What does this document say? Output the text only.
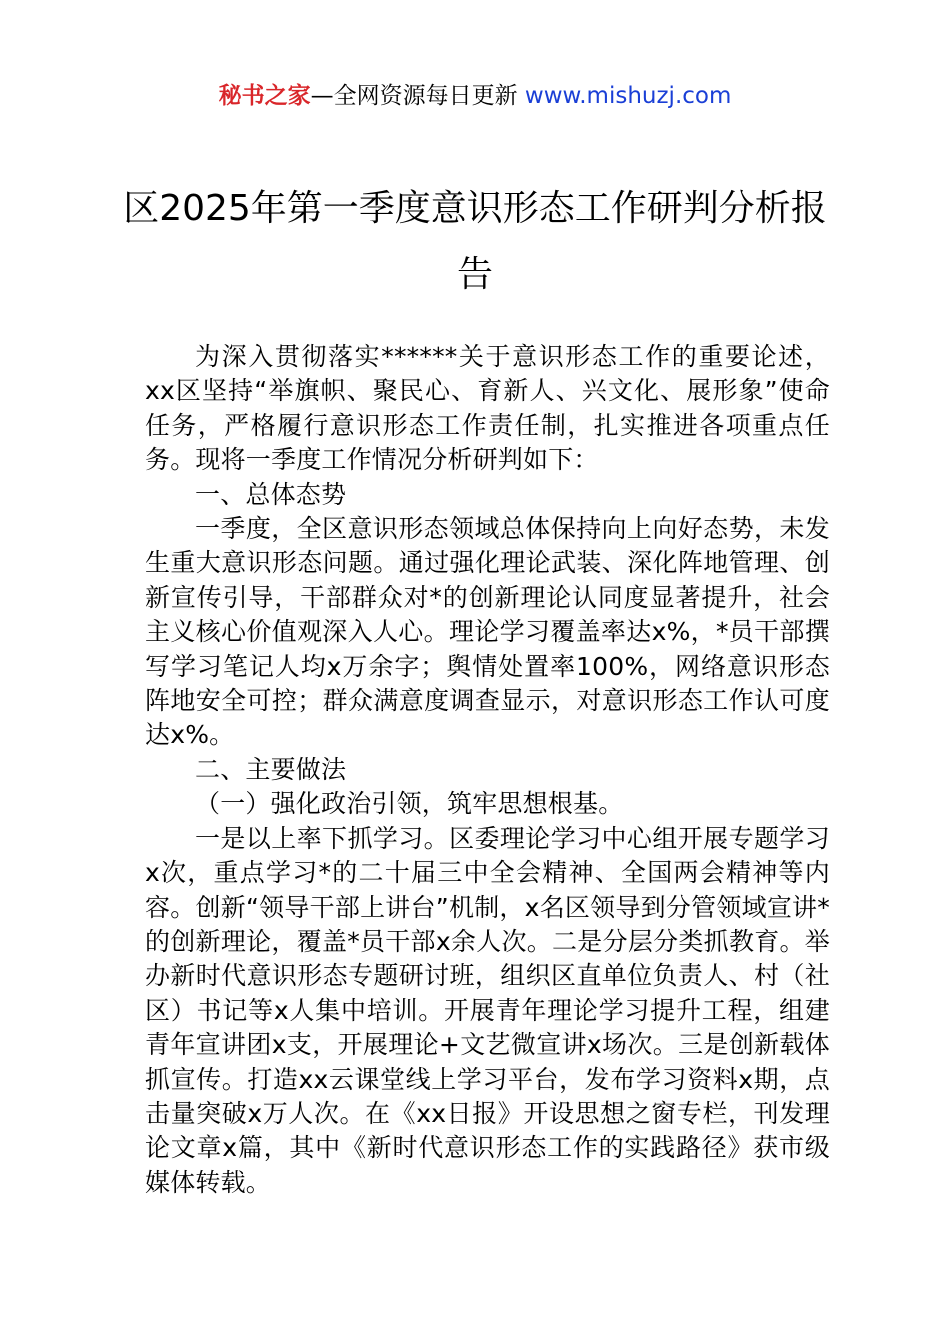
秘书之家—全网资源每日更新 www.mishuzj.com
区2025年第一季度意识形态工作研判分析报告

为深入贯彻落实******关于意识形态工作的重要论述，xx区坚持“举旗帜、聚民心、育新人、兴文化、展形象”使命任务，严格履行意识形态工作责任制，扎实推进各项重点任务。现将一季度工作情况分析研判如下：

一、总体态势

一季度，全区意识形态领域总体保持向上向好态势，未发生重大意识形态问题。通过强化理论武装、深化阵地管理、创新宣传引导，干部群众对*的创新理论认同度显著提升，社会主义核心价值观深入人心。理论学习覆盖率达x%，*员干部撰写学习笔记人均x万余字；舆情处置率100%，网络意识形态阵地安全可控；群众满意度调查显示，对意识形态工作认可度达x%。

二、主要做法

（一）强化政治引领，筑牢思想根基。

一是以上率下抓学习。区委理论学习中心组开展专题学习x次，重点学习*的二十届三中全会精神、全国两会精神等内容。创新“领导干部上讲台”机制，x名区领导到分管领域宣讲*的创新理论，覆盖*员干部x余人次。二是分层分类抓教育。举办新时代意识形态专题研讨班，组织区直单位负责人、村（社区）书记等x人集中培训。开展青年理论学习提升工程，组建青年宣讲团x支，开展理论+文艺微宣讲x场次。三是创新载体抓宣传。打造xx云课堂线上学习平台，发布学习资料x期，点击量突破x万人次。在《xx日报》开设思想之窗专栏，刊发理论文章x篇，其中《新时代意识形态工作的实践路径》获市级媒体转载。
